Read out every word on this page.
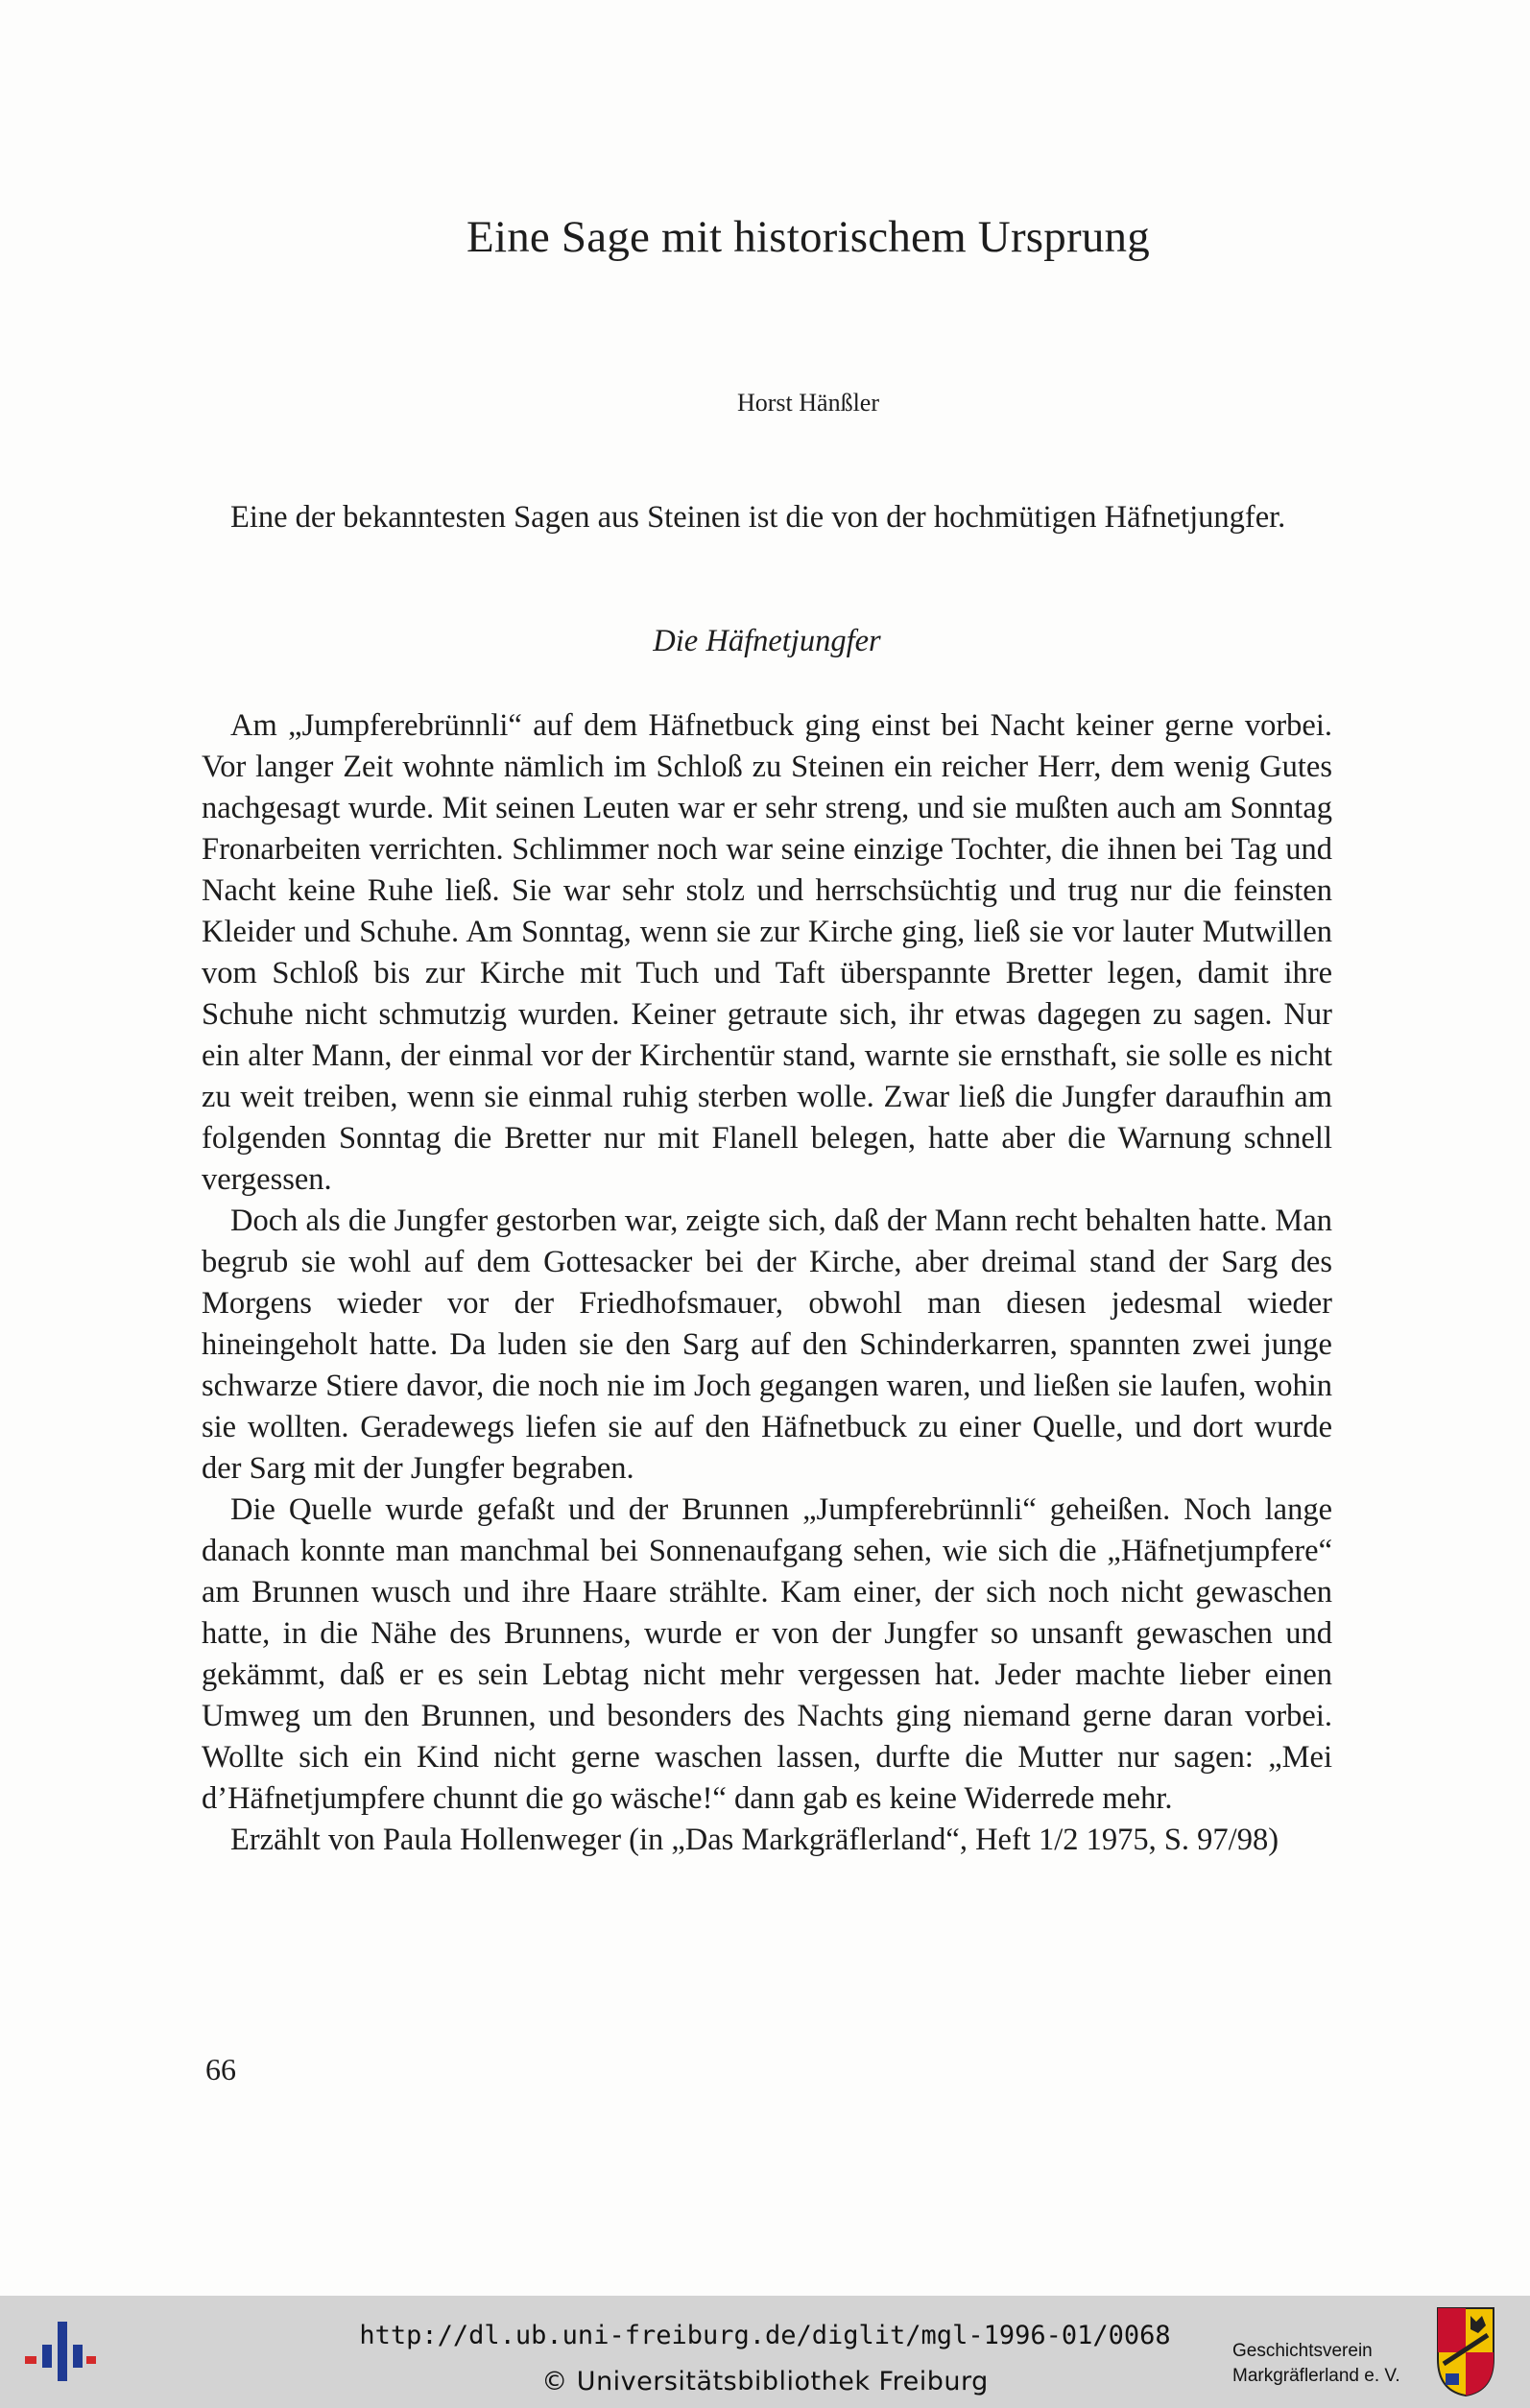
Eine Sage mit historischem Ursprung
Horst Hänßler

Eine der bekanntesten Sagen aus Steinen ist die von der hochmütigen Häfnetjungfer.

Die Häfnetjungfer

Am „Jumpferebrünnli“ auf dem Häfnetbuck ging einst bei Nacht keiner gerne vorbei. Vor langer Zeit wohnte nämlich im Schloß zu Steinen ein reicher Herr, dem wenig Gutes nachgesagt wurde. Mit seinen Leuten war er sehr streng, und sie mußten auch am Sonntag Fronarbeiten verrichten. Schlimmer noch war seine einzige Tochter, die ihnen bei Tag und Nacht keine Ruhe ließ. Sie war sehr stolz und herrschsüchtig und trug nur die feinsten Kleider und Schuhe. Am Sonntag, wenn sie zur Kirche ging, ließ sie vor lauter Mutwillen vom Schloß bis zur Kirche mit Tuch und Taft überspannte Bretter legen, damit ihre Schuhe nicht schmutzig wurden. Keiner getraute sich, ihr etwas dagegen zu sagen. Nur ein alter Mann, der einmal vor der Kirchentür stand, warnte sie ernsthaft, sie solle es nicht zu weit treiben, wenn sie einmal ruhig sterben wolle. Zwar ließ die Jungfer daraufhin am folgenden Sonntag die Bretter nur mit Flanell belegen, hatte aber die Warnung schnell vergessen.

Doch als die Jungfer gestorben war, zeigte sich, daß der Mann recht behalten hatte. Man begrub sie wohl auf dem Gottesacker bei der Kirche, aber dreimal stand der Sarg des Morgens wieder vor der Friedhofsmauer, obwohl man diesen jedesmal wieder hineingeholt hatte. Da luden sie den Sarg auf den Schinderkarren, spannten zwei junge schwarze Stiere davor, die noch nie im Joch gegangen waren, und ließen sie laufen, wohin sie wollten. Geradewegs liefen sie auf den Häfnetbuck zu einer Quelle, und dort wurde der Sarg mit der Jungfer begraben.

Die Quelle wurde gefaßt und der Brunnen „Jumpferebrünnli“ geheißen. Noch lange danach konnte man manchmal bei Sonnenaufgang sehen, wie sich die „Häfnetjumpfere“ am Brunnen wusch und ihre Haare strählte. Kam einer, der sich noch nicht gewaschen hatte, in die Nähe des Brunnens, wurde er von der Jungfer so unsanft gewaschen und gekämmt, daß er es sein Lebtag nicht mehr vergessen hat. Jeder machte lieber einen Umweg um den Brunnen, und besonders des Nachts ging niemand gerne daran vorbei. Wollte sich ein Kind nicht gerne waschen lassen, durfte die Mutter nur sagen: „Mei d’Häfnetjumpfere chunnt die go wäsche!“ dann gab es keine Widerrede mehr.

Erzählt von Paula Hollenweger (in „Das Markgräflerland“, Heft 1/2 1975, S. 97/98)

66
http://dl.ub.uni-freiburg.de/diglit/mgl-1996-01/0068
© Universitätsbibliothek Freiburg
Geschichtsverein
Markgräflerland e. V.
